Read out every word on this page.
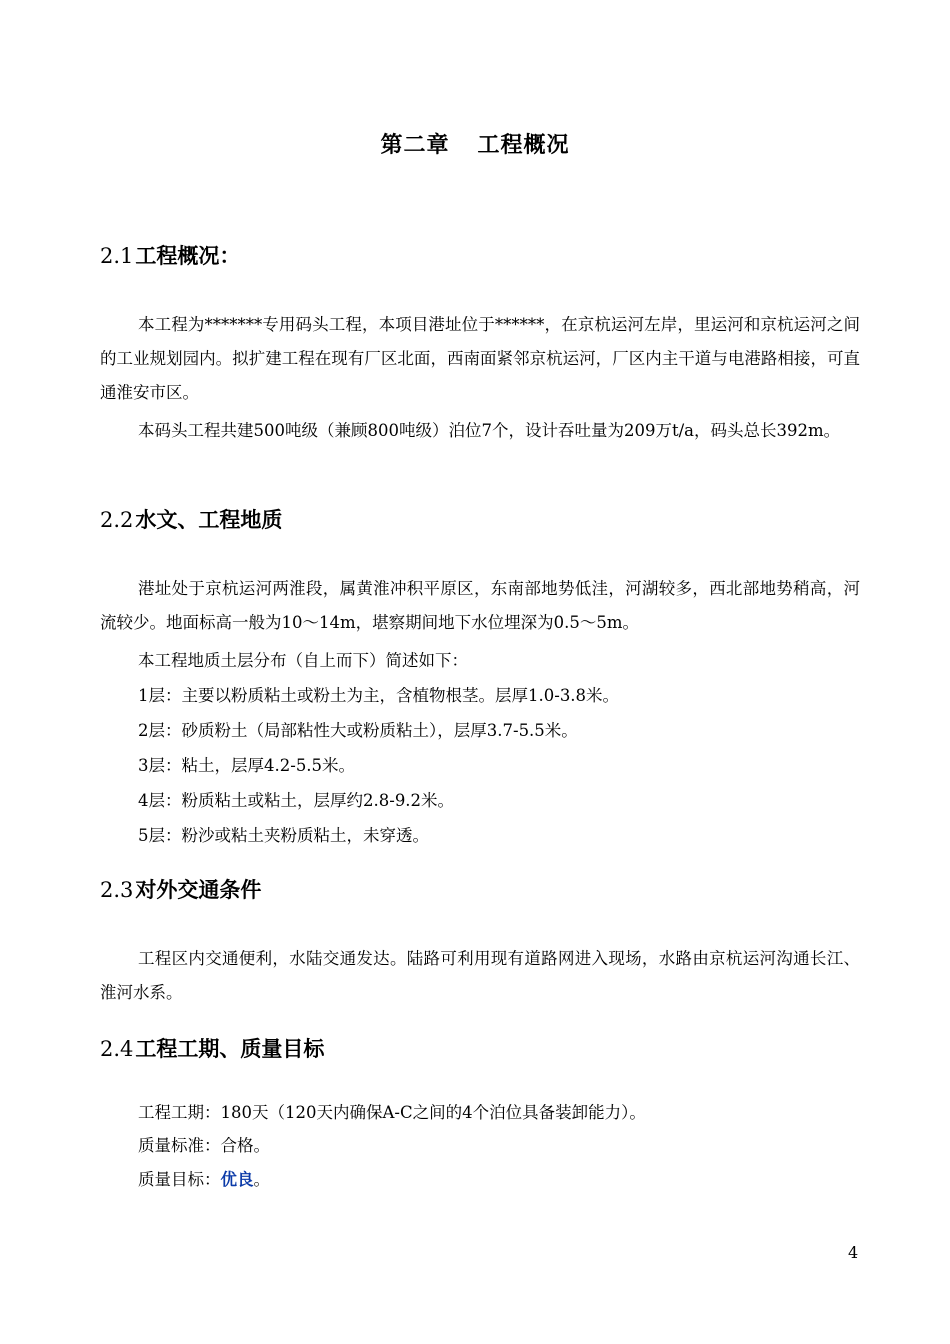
第二章 工程概况
2.1工程概况：
本工程为*******专用码头工程，本项目港址位于******，在京杭运河左岸，里运河和京杭运河之间的工业规划园内。拟扩建工程在现有厂区北面，西南面紧邻京杭运河，厂区内主干道与电港路相接，可直通淮安市区。
本码头工程共建500吨级（兼顾800吨级）泊位7个，设计吞吐量为209万t/a，码头总长392m。
2.2水文、工程地质
港址处于京杭运河两淮段，属黄淮冲积平原区，东南部地势低洼，河湖较多，西北部地势稍高，河流较少。地面标高一般为10～14m，堪察期间地下水位埋深为0.5～5m。
本工程地质土层分布（自上而下）简述如下：
1层：主要以粉质粘土或粉土为主，含植物根茎。层厚1.0-3.8米。
2层：砂质粉土（局部粘性大或粉质粘土），层厚3.7-5.5米。
3层：粘土，层厚4.2-5.5米。
4层：粉质粘土或粘土，层厚约2.8-9.2米。
5层：粉沙或粘土夹粉质粘土，未穿透。
2.3对外交通条件
工程区内交通便利，水陆交通发达。陆路可利用现有道路网进入现场，水路由京杭运河沟通长江、淮河水系。
2.4工程工期、质量目标
工程工期：180天（120天内确保A-C之间的4个泊位具备装卸能力）。
质量标准：合格。
质量目标：优良。
4
